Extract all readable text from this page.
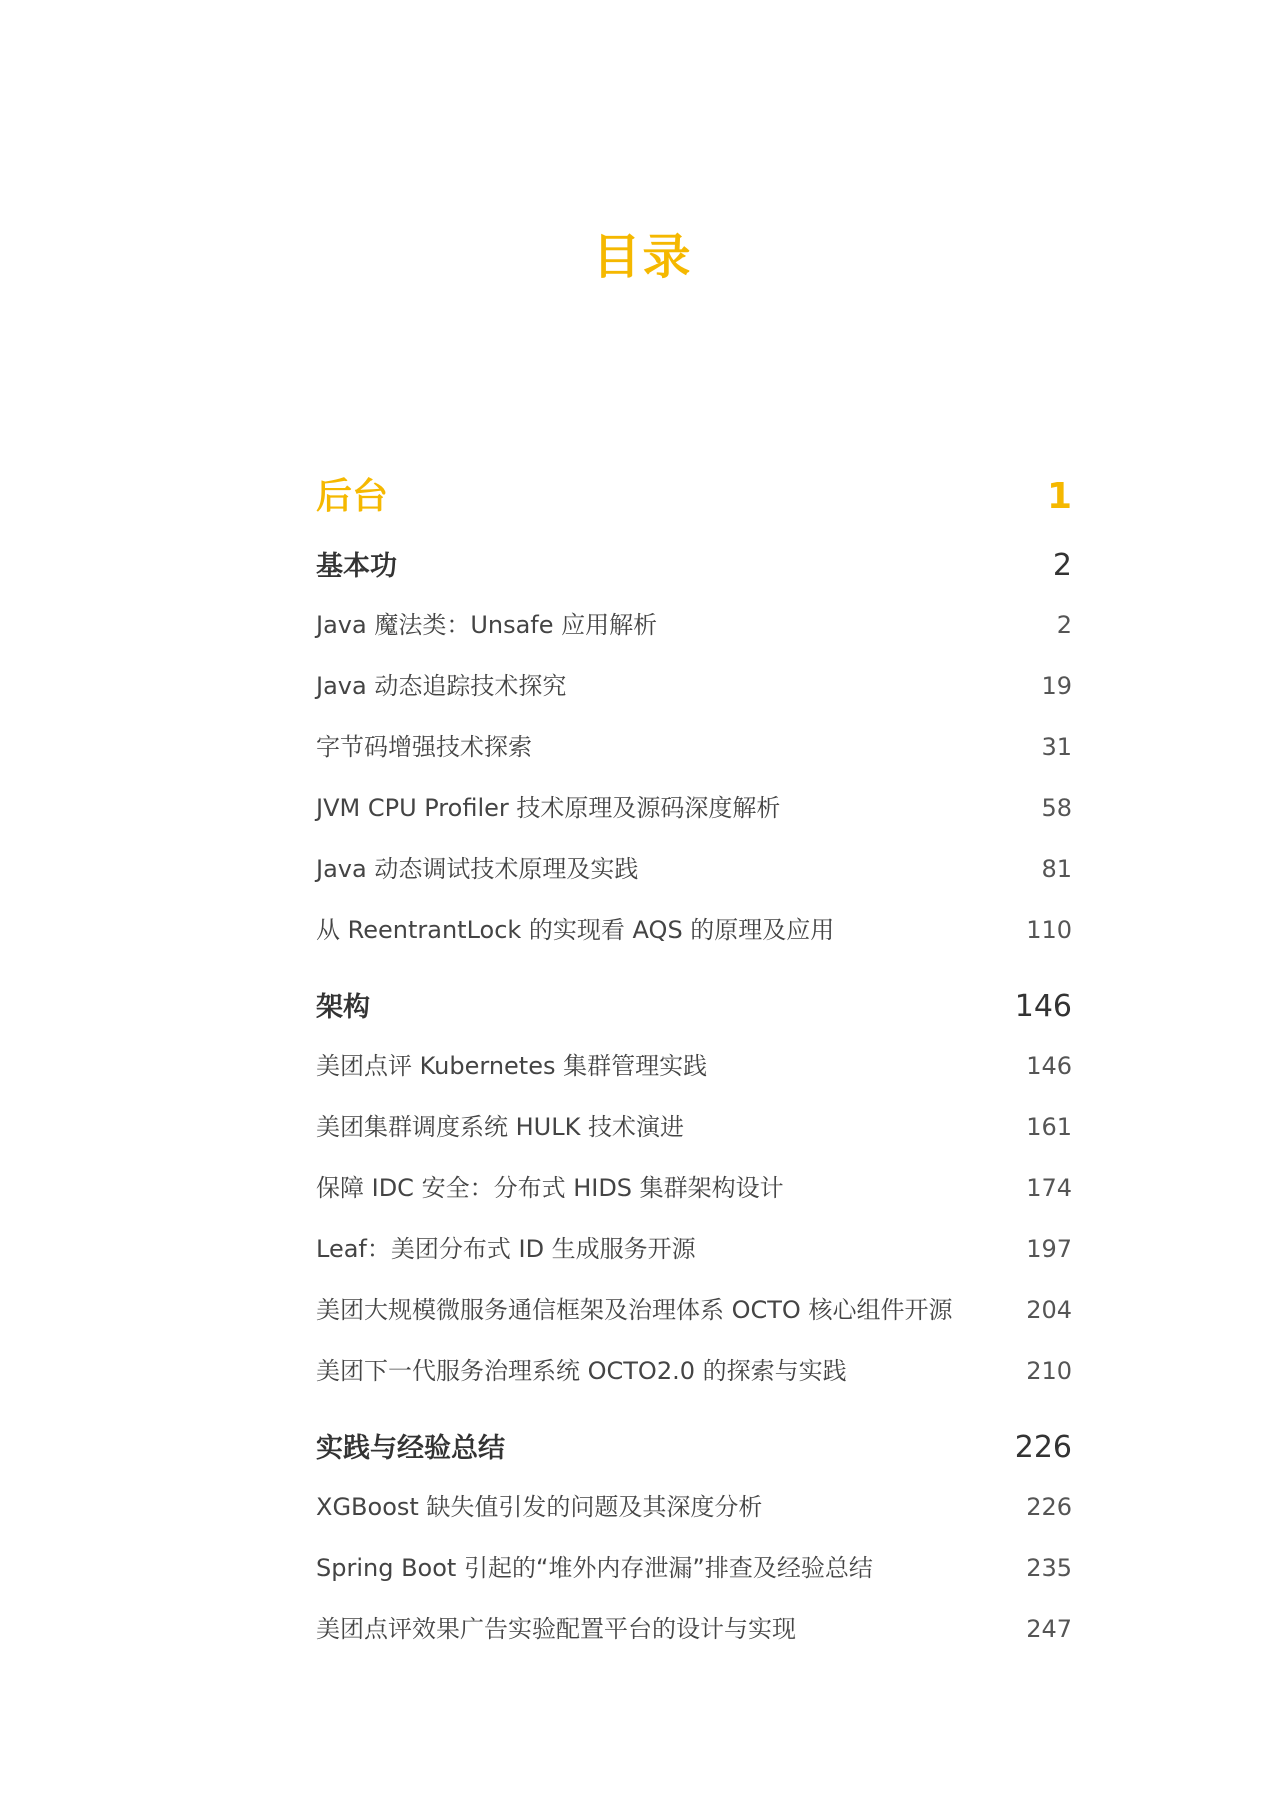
目录
后台	1
基本功	2
Java 魔法类：Unsafe 应用解析	2
Java 动态追踪技术探究	19
字节码增强技术探索	31
JVM CPU Profiler 技术原理及源码深度解析	58
Java 动态调试技术原理及实践	81
从 ReentrantLock 的实现看 AQS 的原理及应用	110
架构	146
美团点评 Kubernetes 集群管理实践	146
美团集群调度系统 HULK 技术演进	161
保障 IDC 安全：分布式 HIDS 集群架构设计	174
Leaf：美团分布式 ID 生成服务开源	197
美团大规模微服务通信框架及治理体系 OCTO 核心组件开源	204
美团下一代服务治理系统 OCTO2.0 的探索与实践	210
实践与经验总结	226
XGBoost 缺失值引发的问题及其深度分析	226
Spring Boot 引起的“堆外内存泄漏”排查及经验总结	235
美团点评效果广告实验配置平台的设计与实现	247
